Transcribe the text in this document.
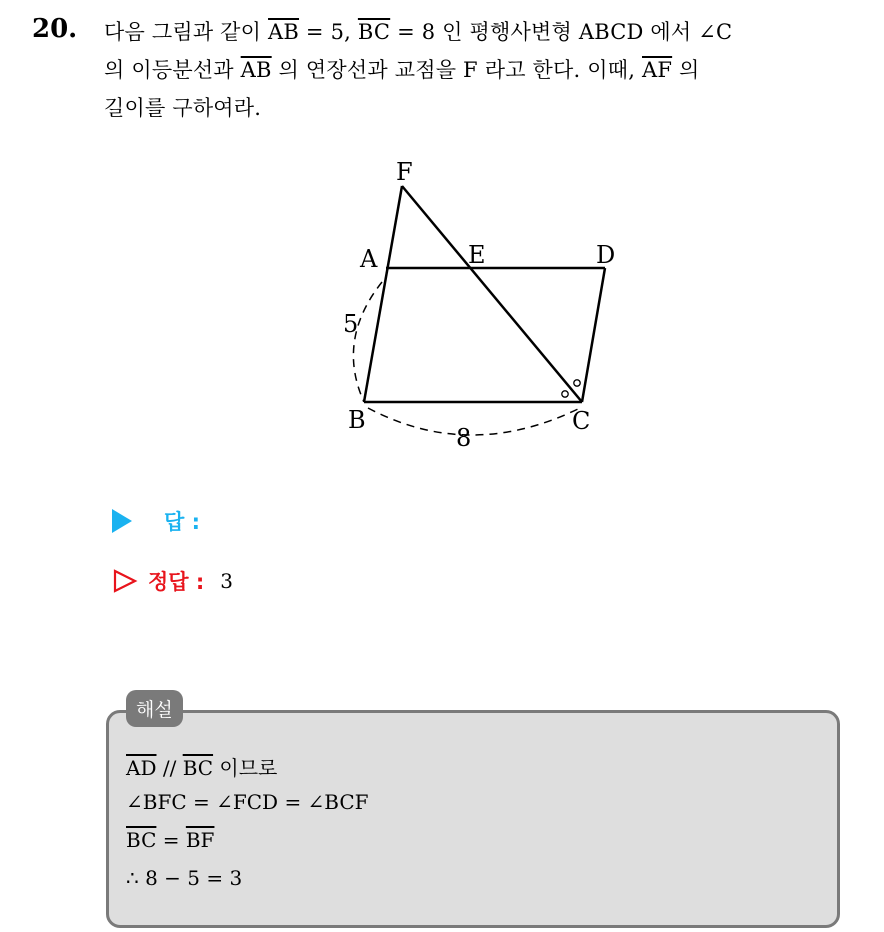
20. 다음 그림과 같이 $\overline{AB} = 5$, $\overline{BC} = 8$ 인 평행사변형 ABCD 에서 ∠C
의 이등분선과 $\overline{AB}$ 의 연장선과 교점을 F 라고 한다. 이때, $\overline{AF}$ 의
길이를 구하여라.
F
A	E	D
B	C
5
8
답 :
정답 : 3
해설
$\overline{AD} // \overline{BC}$ 이므로
∠BFC = ∠FCD = ∠BCF
$\overline{BC} = \overline{BF}$
∴ 8 − 5 = 3
